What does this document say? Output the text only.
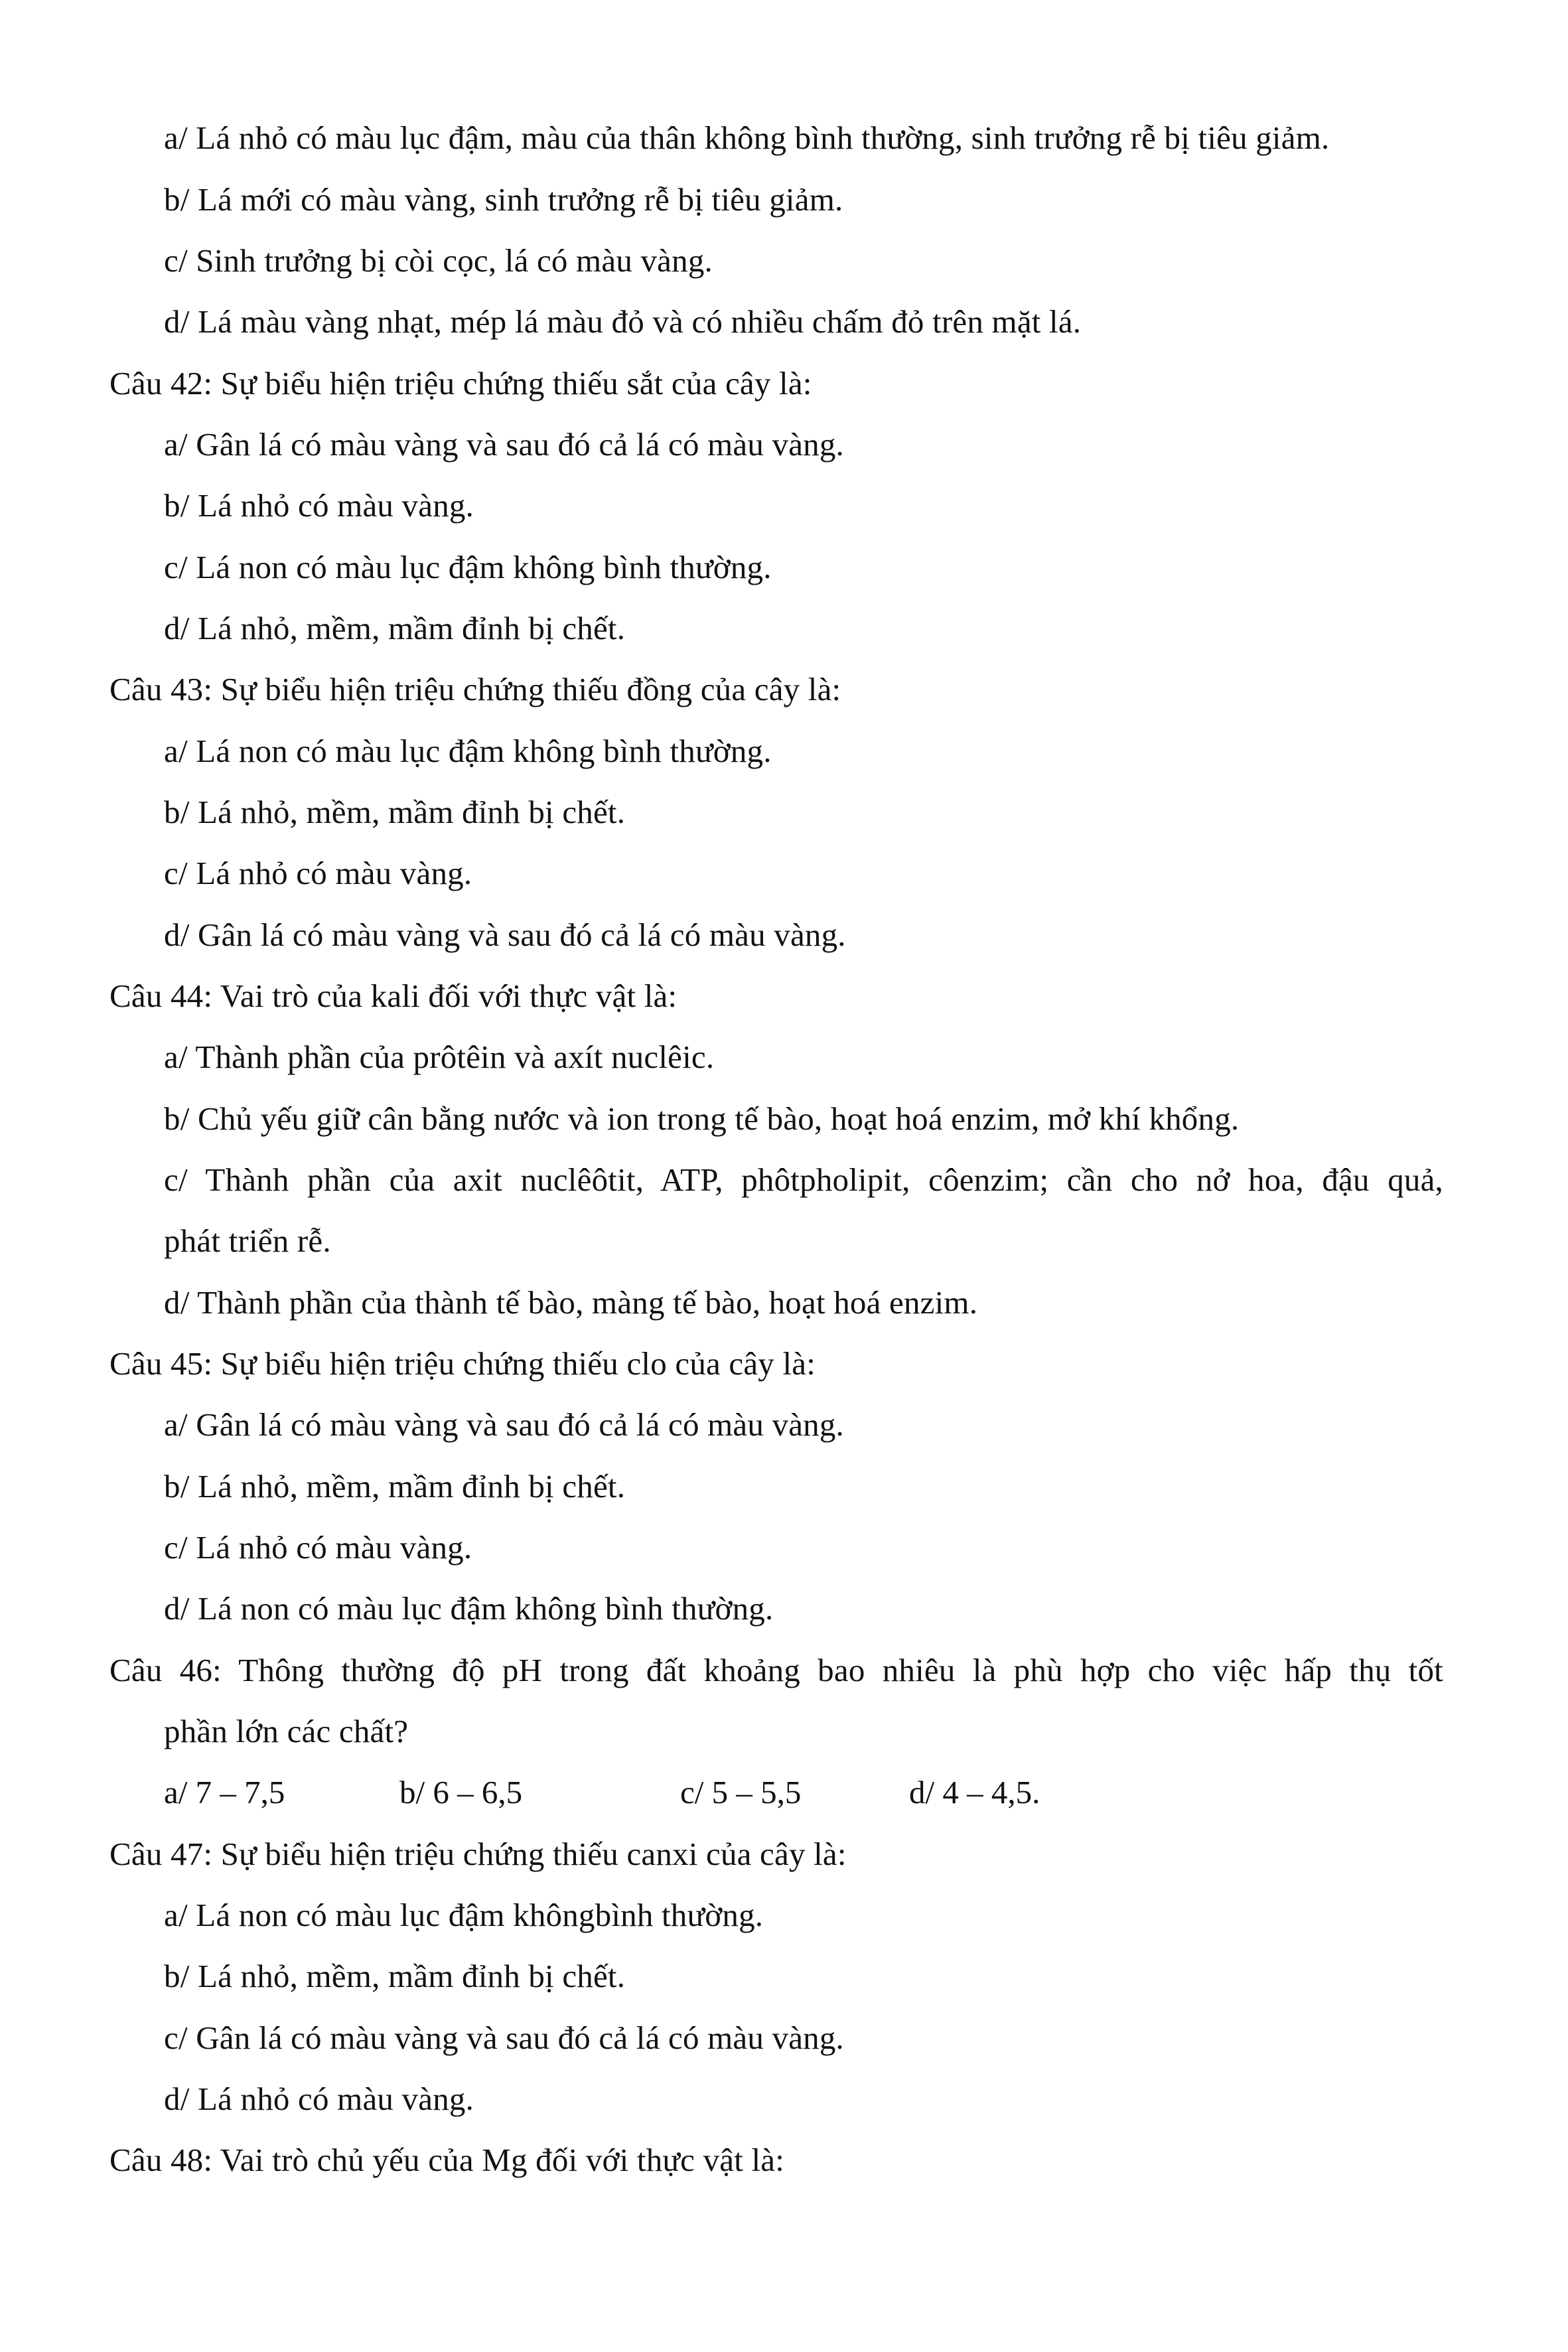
a/ Lá nhỏ có màu lục đậm, màu của thân không bình thường, sinh trưởng rễ bị tiêu giảm.
b/ Lá mới có màu vàng, sinh trưởng rễ bị tiêu giảm.
c/ Sinh trưởng bị còi cọc, lá có màu vàng.
d/ Lá màu vàng nhạt, mép lá màu đỏ và có nhiều chấm đỏ trên mặt lá.
Câu 42: Sự biểu hiện triệu chứng thiếu sắt của cây là:
a/ Gân lá có màu vàng và sau đó cả lá có màu vàng.
b/ Lá nhỏ có màu vàng.
c/ Lá non có màu lục đậm không bình thường.
d/ Lá nhỏ, mềm, mầm đỉnh bị chết.
Câu 43: Sự biểu hiện triệu chứng thiếu đồng của cây là:
a/ Lá non có màu lục đậm không bình thường.
b/ Lá nhỏ, mềm, mầm đỉnh bị chết.
c/ Lá nhỏ có màu vàng.
d/ Gân lá có màu vàng và sau đó cả lá có màu vàng.
Câu 44: Vai trò của kali đối với thực vật là:
a/ Thành phần của prôtêin và axít nuclêic.
b/ Chủ yếu giữ cân bằng nước và ion trong tế bào, hoạt hoá enzim, mở khí khổng.
c/ Thành phần của axit nuclêôtit, ATP, phôtpholipit, côenzim; cần cho nở hoa, đậu quả,
phát triển rễ.
d/ Thành phần của thành tế bào, màng tế bào, hoạt hoá enzim.
Câu 45: Sự biểu hiện triệu chứng thiếu clo của cây là:
a/ Gân lá có màu vàng và sau đó cả lá có màu vàng.
b/ Lá nhỏ, mềm, mầm đỉnh bị chết.
c/ Lá nhỏ có màu vàng.
d/ Lá non có màu lục đậm không bình thường.
Câu 46: Thông thường độ pH trong đất khoảng bao nhiêu là phù hợp cho việc hấp thụ tốt
phần lớn các chất?
a/ 7 – 7,5	b/ 6 – 6,5	c/ 5 – 5,5	d/ 4 – 4,5.
Câu 47: Sự biểu hiện triệu chứng thiếu canxi của cây là:
a/ Lá non có màu lục đậm khôngbình thường.
b/ Lá nhỏ, mềm, mầm đỉnh bị chết.
c/ Gân lá có màu vàng và sau đó cả lá có màu vàng.
d/ Lá nhỏ có màu vàng.
Câu 48: Vai trò chủ yếu của Mg đối với thực vật là:
